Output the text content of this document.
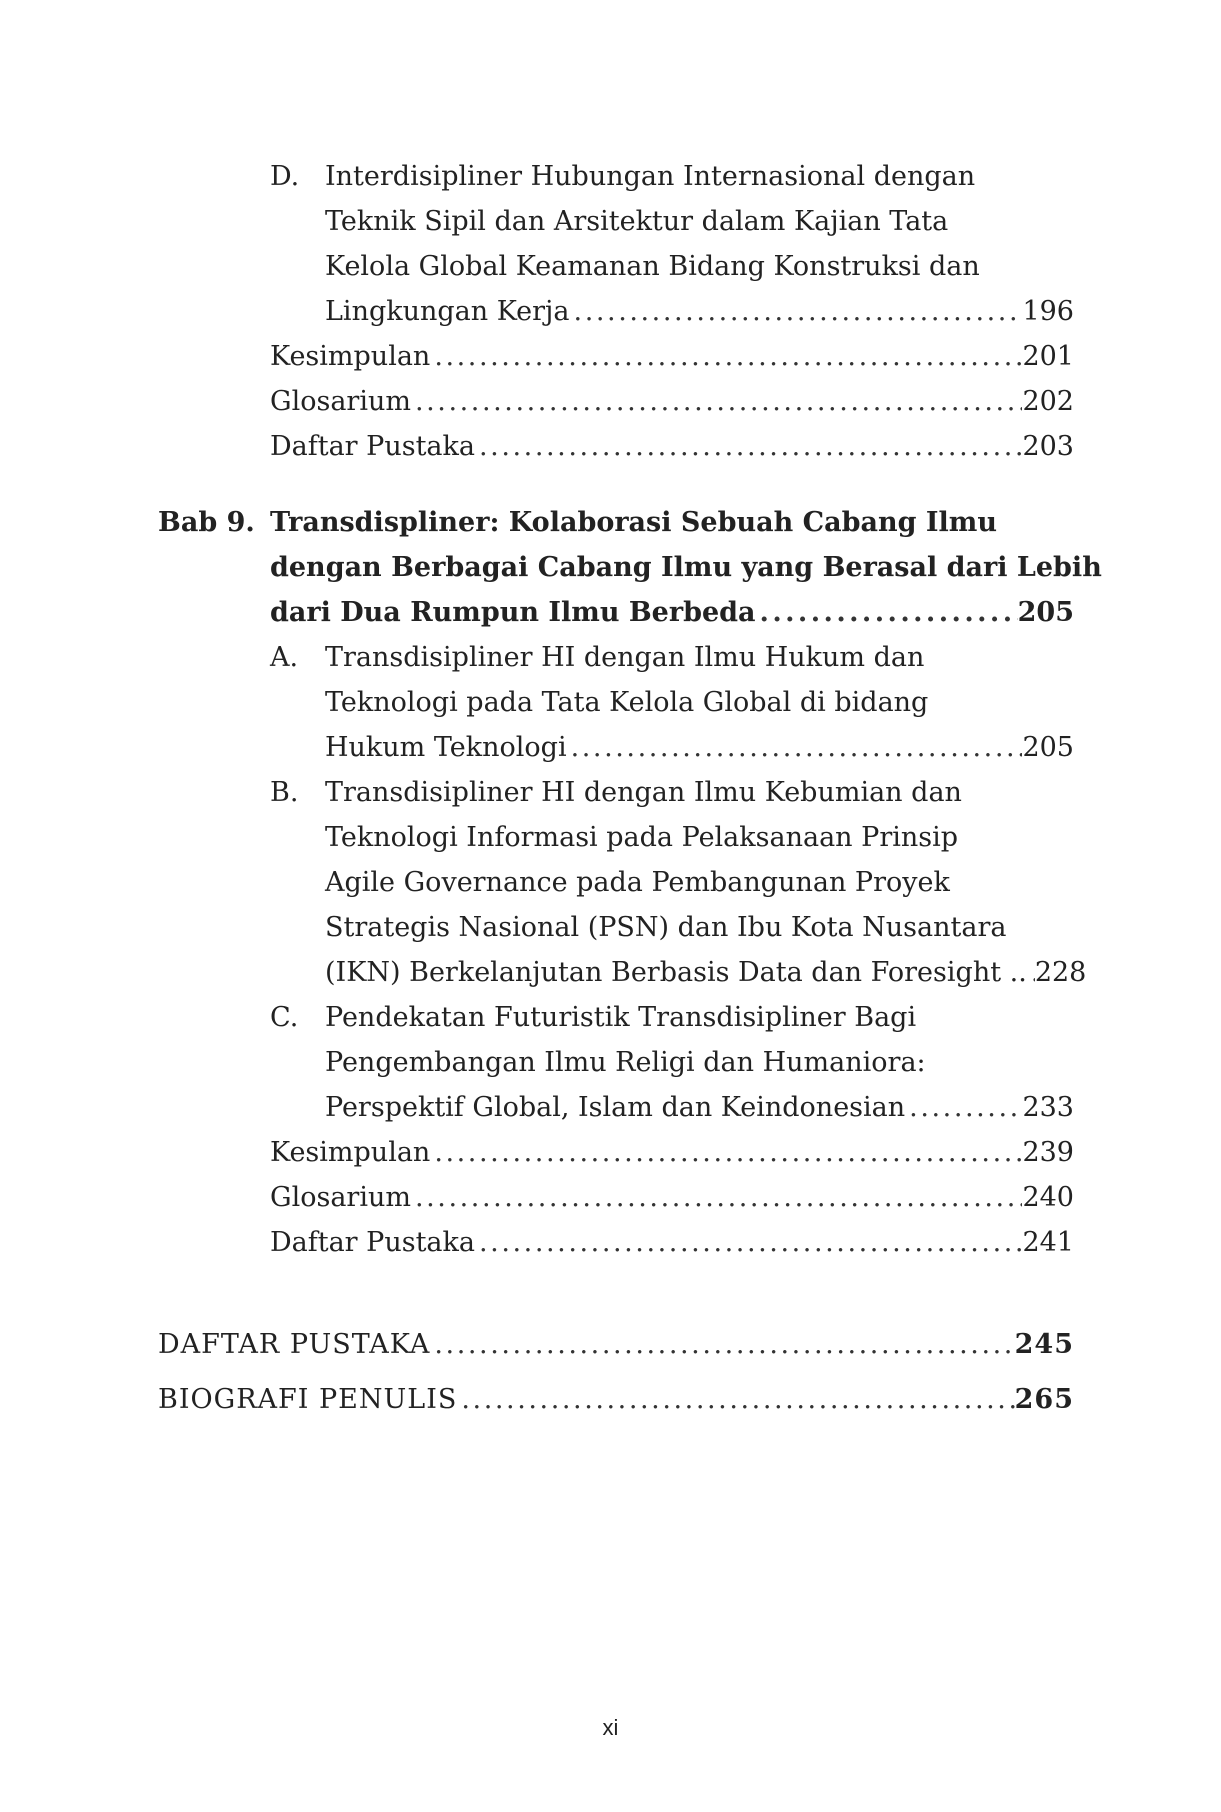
D. Interdisipliner Hubungan Internasional dengan
Teknik Sipil dan Arsitektur dalam Kajian Tata
Kelola Global Keamanan Bidang Konstruksi dan
Lingkungan Kerja . . .	196
Kesimpulan . . .	201
Glosarium . . .	202
Daftar Pustaka . . .	203
Bab 9. Transdispliner: Kolaborasi Sebuah Cabang Ilmu
dengan Berbagai Cabang Ilmu yang Berasal dari Lebih
dari Dua Rumpun Ilmu Berbeda . . .	205
A. Transdisipliner HI dengan Ilmu Hukum dan
Teknologi pada Tata Kelola Global di bidang
Hukum Teknologi . . .	205
B. Transdisipliner HI dengan Ilmu Kebumian dan
Teknologi Informasi pada Pelaksanaan Prinsip
Agile Governance pada Pembangunan Proyek
Strategis Nasional (PSN) dan Ibu Kota Nusantara
(IKN) Berkelanjutan Berbasis Data dan Foresight .. . . . 228
C. Pendekatan Futuristik Transdisipliner Bagi
Pengembangan Ilmu Religi dan Humaniora:
Perspektif Global, Islam dan Keindonesian . . .	233
Kesimpulan . . .	239
Glosarium . . .	240
Daftar Pustaka . . .	241
DAFTAR PUSTAKA . . .	245
BIOGRAFI PENULIS . . .	265
xi
